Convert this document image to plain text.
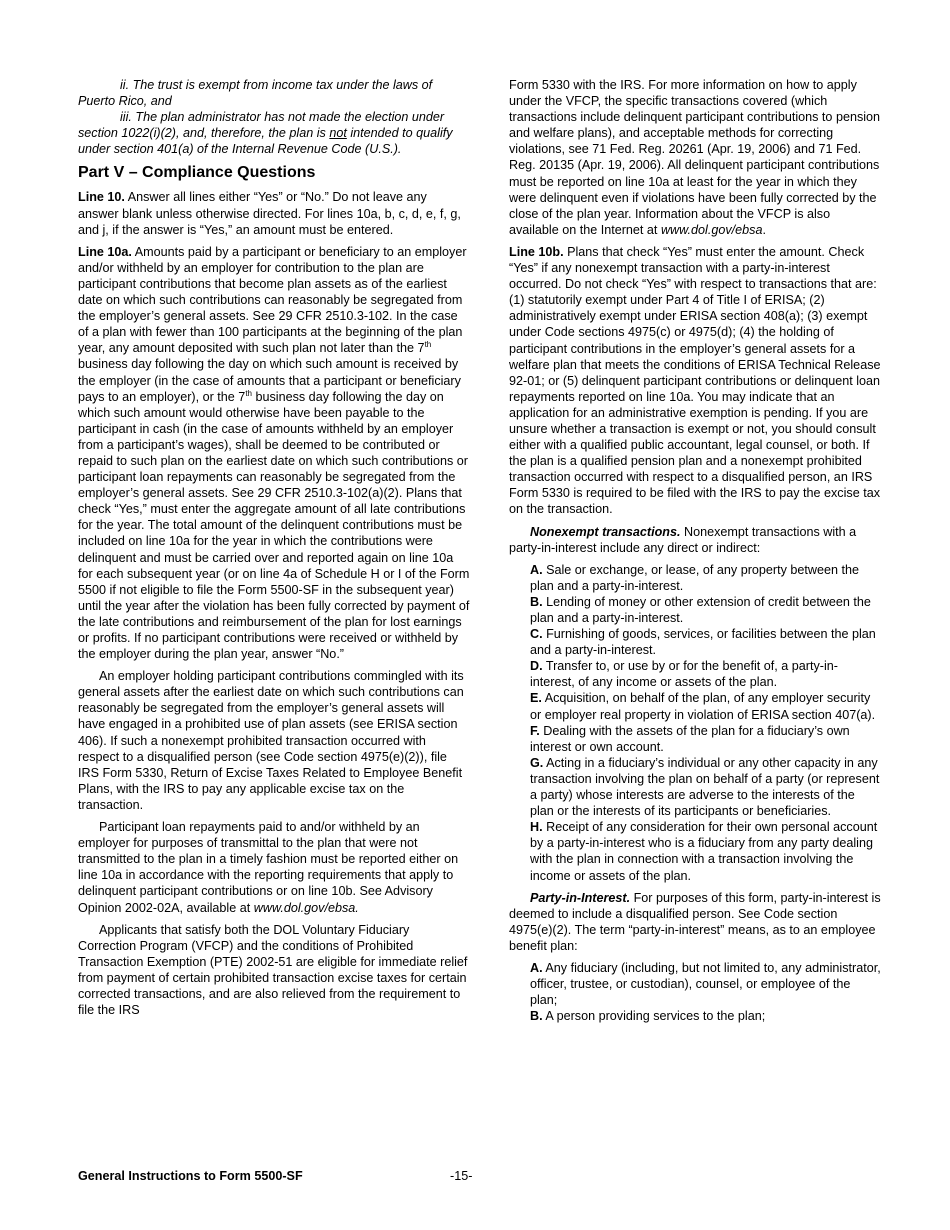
ii. The trust is exempt from income tax under the laws of Puerto Rico, and

iii. The plan administrator has not made the election under section 1022(i)(2), and, therefore, the plan is not intended to qualify under section 401(a) of the Internal Revenue Code (U.S.).

Part V – Compliance Questions

Line 10. Answer all lines either “Yes” or “No.” Do not leave any answer blank unless otherwise directed. For lines 10a, b, c, d, e, f, g, and j, if the answer is “Yes,” an amount must be entered.

Line 10a. Amounts paid by a participant or beneficiary to an employer and/or withheld by an employer for contribution to the plan are participant contributions that become plan assets as of the earliest date on which such contributions can reasonably be segregated from the employer’s general assets. See 29 CFR 2510.3-102. In the case of a plan with fewer than 100 participants at the beginning of the plan year, any amount deposited with such plan not later than the 7th business day following the day on which such amount is received by the employer (in the case of amounts that a participant or beneficiary pays to an employer), or the 7th business day following the day on which such amount would otherwise have been payable to the participant in cash (in the case of amounts withheld by an employer from a participant’s wages), shall be deemed to be contributed or repaid to such plan on the earliest date on which such contributions or participant loan repayments can reasonably be segregated from the employer’s general assets. See 29 CFR 2510.3-102(a)(2). Plans that check “Yes,” must enter the aggregate amount of all late contributions for the year. The total amount of the delinquent contributions must be included on line 10a for the year in which the contributions were delinquent and must be carried over and reported again on line 10a for each subsequent year (or on line 4a of Schedule H or I of the Form 5500 if not eligible to file the Form 5500-SF in the subsequent year) until the year after the violation has been fully corrected by payment of the late contributions and reimbursement of the plan for lost earnings or profits. If no participant contributions were received or withheld by the employer during the plan year, answer “No.”

An employer holding participant contributions commingled with its general assets after the earliest date on which such contributions can reasonably be segregated from the employer’s general assets will have engaged in a prohibited use of plan assets (see ERISA section 406). If such a nonexempt prohibited transaction occurred with respect to a disqualified person (see Code section 4975(e)(2)), file IRS Form 5330, Return of Excise Taxes Related to Employee Benefit Plans, with the IRS to pay any applicable excise tax on the transaction.

Participant loan repayments paid to and/or withheld by an employer for purposes of transmittal to the plan that were not transmitted to the plan in a timely fashion must be reported either on line 10a in accordance with the reporting requirements that apply to delinquent participant contributions or on line 10b. See Advisory Opinion 2002-02A, available at www.dol.gov/ebsa.

Applicants that satisfy both the DOL Voluntary Fiduciary Correction Program (VFCP) and the conditions of Prohibited Transaction Exemption (PTE) 2002-51 are eligible for immediate relief from payment of certain prohibited transaction excise taxes for certain corrected transactions, and are also relieved from the requirement to file the IRS

Form 5330 with the IRS. For more information on how to apply under the VFCP, the specific transactions covered (which transactions include delinquent participant contributions to pension and welfare plans), and acceptable methods for correcting violations, see 71 Fed. Reg. 20261 (Apr. 19, 2006) and 71 Fed. Reg. 20135 (Apr. 19, 2006). All delinquent participant contributions must be reported on line 10a at least for the year in which they were delinquent even if violations have been fully corrected by the close of the plan year. Information about the VFCP is also available on the Internet at www.dol.gov/ebsa.

Line 10b. Plans that check “Yes” must enter the amount. Check “Yes” if any nonexempt transaction with a party-in-interest occurred. Do not check “Yes” with respect to transactions that are: (1) statutorily exempt under Part 4 of Title I of ERISA; (2) administratively exempt under ERISA section 408(a); (3) exempt under Code sections 4975(c) or 4975(d); (4) the holding of participant contributions in the employer’s general assets for a welfare plan that meets the conditions of ERISA Technical Release 92-01; or (5) delinquent participant contributions or delinquent loan repayments reported on line 10a. You may indicate that an application for an administrative exemption is pending. If you are unsure whether a transaction is exempt or not, you should consult either with a qualified public accountant, legal counsel, or both. If the plan is a qualified pension plan and a nonexempt prohibited transaction occurred with respect to a disqualified person, an IRS Form 5330 is required to be filed with the IRS to pay the excise tax on the transaction.

Nonexempt transactions. Nonexempt transactions with a party-in-interest include any direct or indirect:

A. Sale or exchange, or lease, of any property between the plan and a party-in-interest.

B. Lending of money or other extension of credit between the plan and a party-in-interest.

C. Furnishing of goods, services, or facilities between the plan and a party-in-interest.

D. Transfer to, or use by or for the benefit of, a party-in-interest, of any income or assets of the plan.

E. Acquisition, on behalf of the plan, of any employer security or employer real property in violation of ERISA section 407(a).

F. Dealing with the assets of the plan for a fiduciary’s own interest or own account.

G. Acting in a fiduciary’s individual or any other capacity in any transaction involving the plan on behalf of a party (or represent a party) whose interests are adverse to the interests of the plan or the interests of its participants or beneficiaries.

H. Receipt of any consideration for their own personal account by a party-in-interest who is a fiduciary from any party dealing with the plan in connection with a transaction involving the income or assets of the plan.

Party-in-Interest. For purposes of this form, party-in-interest is deemed to include a disqualified person. See Code section 4975(e)(2). The term “party-in-interest” means, as to an employee benefit plan:

A. Any fiduciary (including, but not limited to, any administrator, officer, trustee, or custodian), counsel, or employee of the plan;

B. A person providing services to the plan;

General Instructions to Form 5500-SF	-15-
